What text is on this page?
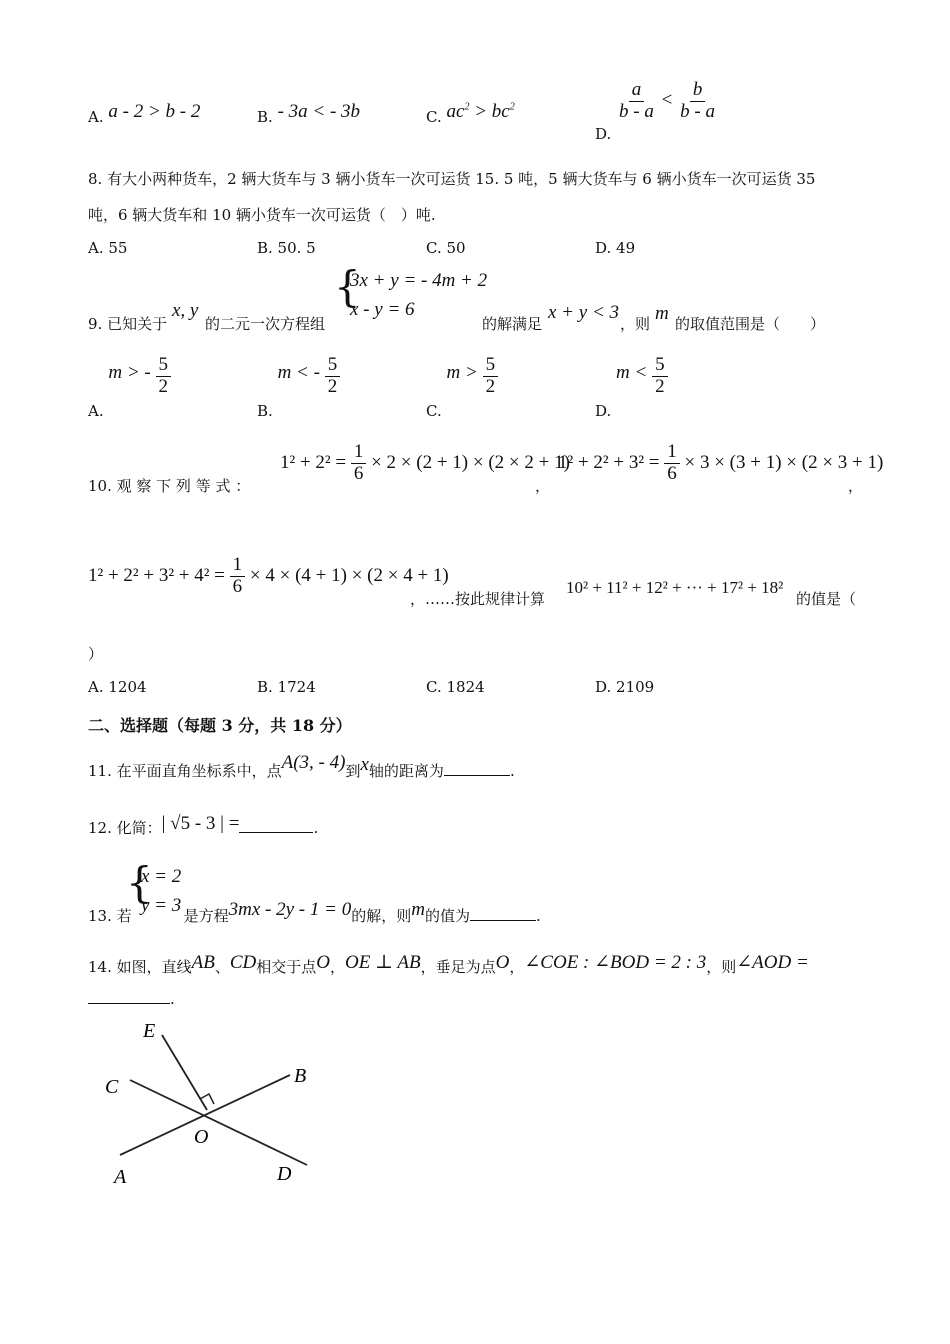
A. a - 2 > b - 2	B. - 3a < - 3b	C. $ac^2 > bc^2$
D.
$\frac{a}{b - a} < \frac{b}{b - a}$
8. 有大小两种货车，2 辆大货车与 3 辆小货车一次可运货 15. 5 吨，5 辆大货车与 6 辆小货车一次可运货 35
吨，6 辆大货车和 10 辆小货车一次可运货（　）吨.
A. 55	B. 50. 5	C. 50	D. 49
9. 已知关于
x, y
的二元一次方程组
{
3x + y = - 4m + 2
x - y = 6
的解满足
x + y < 3
，则 m 的取值范围是（　　）
A. m > - $\frac{5}{2}$
B. m < - $\frac{5}{2}$
C. $m > \frac{5}{2}$
D. $m < \frac{5}{2}$
10. 观 察 下 列 等 式 ：
$1^2 + 2^2 = \frac{1}{6} \times 2 \times (2 + 1) \times (2 \times 2 + 1)$
，
$1^2 + 2^2 + 3^2 = \frac{1}{6} \times 3 \times (3 + 1) \times (2 \times 3 + 1)$
，
$1^2 + 2^2 + 3^2 + 4^2 = \frac{1}{6} \times 4 \times (4 + 1) \times (2 \times 4 + 1)$
，……按此规律计算
10² + 11² + 12² + ··· + 17² + 18²
的值是（
）
A. 1204	B. 1724	C. 1824	D. 2109
二、选择题（每题 3 分，共 18 分）
11. 在平面直角坐标系中，点A(3, - 4)到x轴的距离为	.
12. 化简：| √5 - 3 | =	.
{
x = 2
y = 3
13. 若	是方程3mx - 2y - 1 = 0的解，则m的值为	.
14. 如图，直线AB、CD相交于点O，OE ⊥ AB，垂足为点O，∠COE : ∠BOD = 2 : 3，则∠AOD =
.
E
C	B
O
A	D
